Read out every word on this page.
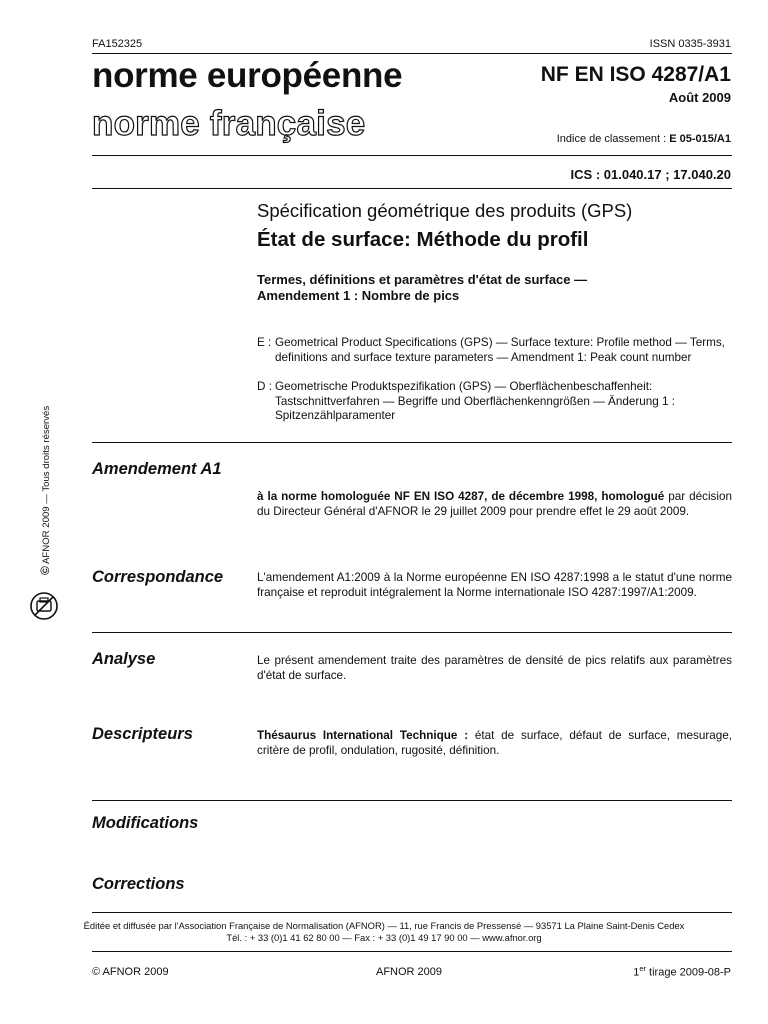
FA152325	ISSN 0335-3931
norme européenne
norme française
NF EN ISO 4287/A1
Août 2009
Indice de classement : E 05-015/A1
ICS : 01.040.17 ; 17.040.20
Spécification géométrique des produits (GPS)
État de surface: Méthode du profil
Termes, définitions et paramètres d'état de surface —
Amendement 1 : Nombre de pics
E : Geometrical Product Specifications (GPS) — Surface texture: Profile method — Terms, definitions and surface texture parameters — Amendment 1: Peak count number
D : Geometrische Produktspezifikation (GPS) — Oberflächenbeschaffenheit: Tastschnittverfahren — Begriffe und Oberflächenkenngrößen — Änderung 1 : Spitzenzählparamenter
Amendement A1
à la norme homologuée NF EN ISO 4287, de décembre 1998, homologué par décision du Directeur Général d'AFNOR le 29 juillet 2009 pour prendre effet le 29 août 2009.
Correspondance	L'amendement A1:2009 à la Norme européenne EN ISO 4287:1998 a le statut d'une norme française et reproduit intégralement la Norme internationale ISO 4287:1997/A1:2009.
Analyse	Le présent amendement traite des paramètres de densité de pics relatifs aux paramètres d'état de surface.
Descripteurs	Thésaurus International Technique : état de surface, défaut de surface, mesurage, critère de profil, ondulation, rugosité, définition.
Modifications
Corrections
© AFNOR 2009 — Tous droits réservés
Éditée et diffusée par l'Association Française de Normalisation (AFNOR) — 11, rue Francis de Pressensé — 93571 La Plaine Saint-Denis Cedex
Tél. : + 33 (0)1 41 62 80 00 — Fax : + 33 (0)1 49 17 90 00 — www.afnor.org
© AFNOR 2009	AFNOR 2009	1er tirage 2009-08-P
